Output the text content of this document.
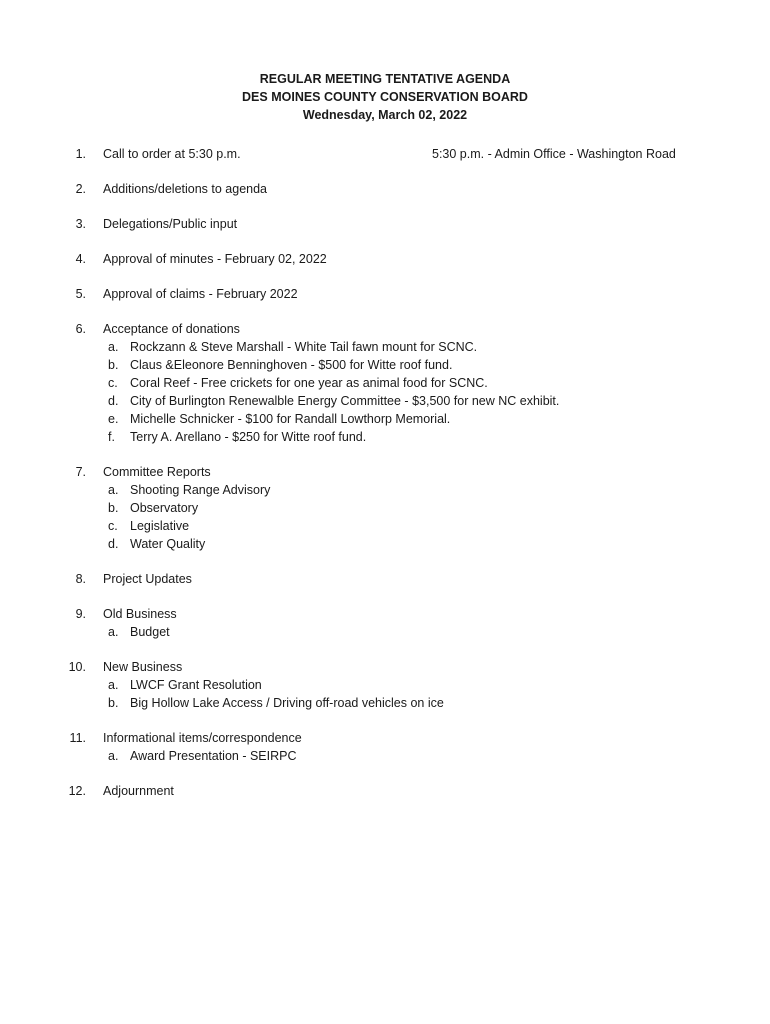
REGULAR MEETING TENTATIVE AGENDA
DES MOINES COUNTY CONSERVATION BOARD
Wednesday, March 02, 2022
1. Call to order at 5:30 p.m.	5:30 p.m. - Admin Office - Washington Road
2. Additions/deletions to agenda
3. Delegations/Public input
4. Approval of minutes - February 02, 2022
5. Approval of claims - February 2022
6. Acceptance of donations
a. Rockzann & Steve Marshall - White Tail fawn mount for SCNC.
b. Claus &Eleonore Benninghoven - $500 for Witte roof fund.
c. Coral Reef - Free crickets for one year as animal food for SCNC.
d. City of Burlington Renewalble Energy Committee - $3,500 for new NC exhibit.
e. Michelle Schnicker - $100 for Randall Lowthorp Memorial.
f.	Terry A. Arellano - $250 for Witte roof fund.
7. Committee Reports
a. Shooting Range Advisory
b. Observatory
c. Legislative
d. Water Quality
8. Project Updates
9. Old Business
a. Budget
10. New Business
a. LWCF Grant Resolution
b. Big Hollow Lake Access / Driving off-road vehicles on ice
11. Informational items/correspondence
a. Award Presentation - SEIRPC
12. Adjournment
